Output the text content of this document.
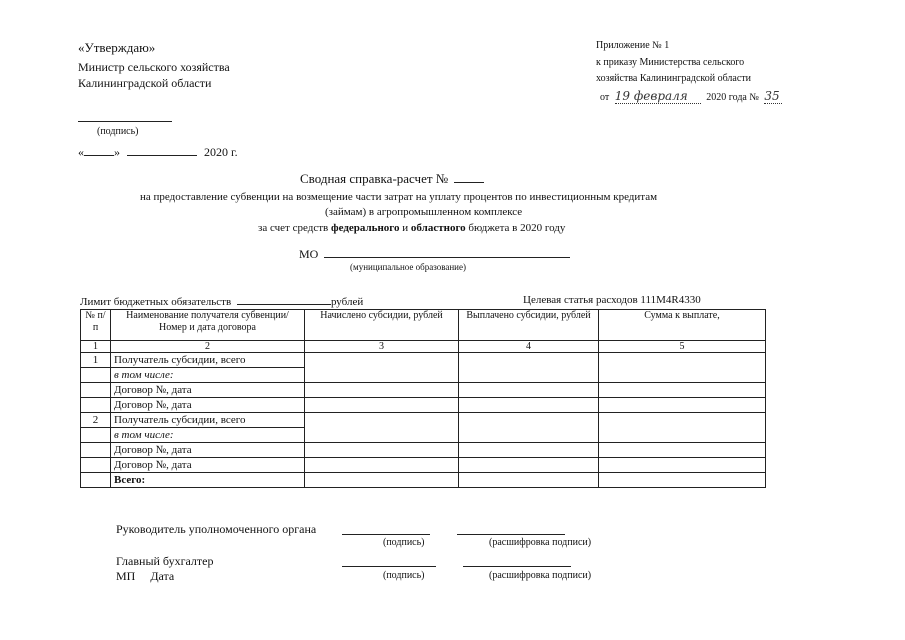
«Утверждаю»
Министр сельского хозяйства
Калининградской области
(подпись)
«	»	2020 г.
Приложение № 1
к приказу Министерства сельского
хозяйства Калининградской области
от 19 февраля 2020 года № 35
Сводная справка-расчет №
на предоставление субвенции на возмещение части затрат на уплату процентов по инвестиционным кредитам
(займам) в агропромышленном комплексе
за счет средств федерального и областного бюджета в 2020 году
МО
(муниципальное образование)
Лимит бюджетных обязательств	рублей	Целевая статья расходов 111М4R4330
№ п/п	Наименование получателя субвенции/ Номер и дата договора	Начислено субсидии, рублей	Выплачено субсидии, рублей	Сумма к выплате,
1	2	3	4	5
1	Получатель субсидии, всего			
	в том числе:			
	Договор №, дата			
	Договор №, дата			
2	Получатель субсидии, всего			
	в том числе:			
	Договор №, дата			
	Договор №, дата			
	Всего:			
Руководитель уполномоченного органа
(подпись)	(расшифровка подписи)
Главный бухгалтер
МП Дата	(подпись)	(расшифровка подписи)
